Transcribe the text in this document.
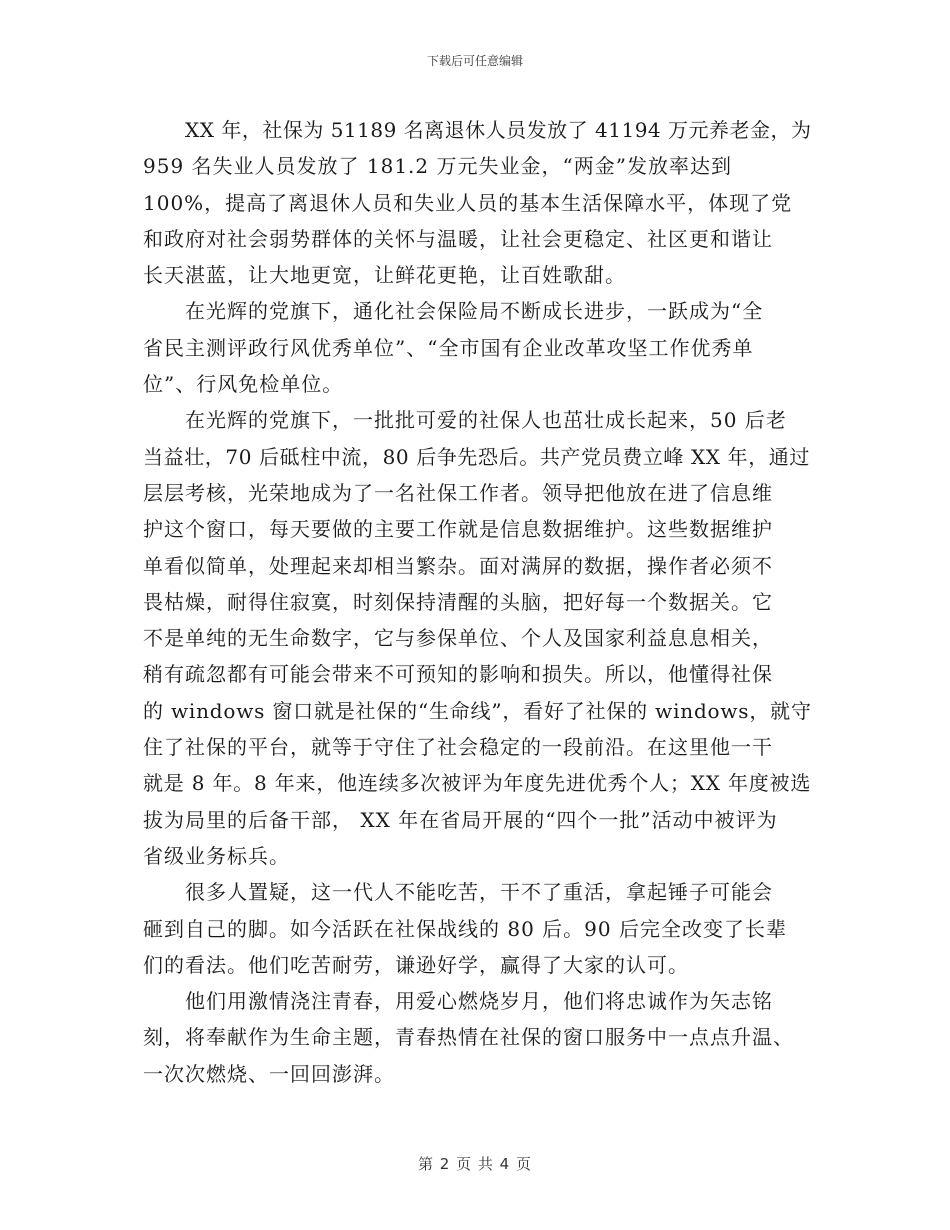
下载后可任意编辑
XX 年，社保为 51189 名离退休人员发放了 41194 万元养老金，为
959 名失业人员发放了 181.2 万元失业金，“两金”发放率达到
100%，提高了离退休人员和失业人员的基本生活保障水平，体现了党
和政府对社会弱势群体的关怀与温暖，让社会更稳定、社区更和谐让
长天湛蓝，让大地更宽，让鲜花更艳，让百姓歌甜。
在光辉的党旗下，通化社会保险局不断成长进步，一跃成为“全
省民主测评政行风优秀单位”、“全市国有企业改革攻坚工作优秀单
位”、行风免检单位。
在光辉的党旗下，一批批可爱的社保人也茁壮成长起来，50 后老
当益壮，70 后砥柱中流，80 后争先恐后。共产党员费立峰 XX 年，通过
层层考核，光荣地成为了一名社保工作者。领导把他放在进了信息维
护这个窗口，每天要做的主要工作就是信息数据维护。这些数据维护
单看似简单，处理起来却相当繁杂。面对满屏的数据，操作者必须不
畏枯燥，耐得住寂寞，时刻保持清醒的头脑，把好每一个数据关。它
不是单纯的无生命数字，它与参保单位、个人及国家利益息息相关，
稍有疏忽都有可能会带来不可预知的影响和损失。所以，他懂得社保
的 windows 窗口就是社保的“生命线”，看好了社保的 windows，就守
住了社保的平台，就等于守住了社会稳定的一段前沿。在这里他一干
就是 8 年。8 年来，他连续多次被评为年度先进优秀个人；XX 年度被选
拔为局里的后备干部， XX 年在省局开展的“四个一批”活动中被评为
省级业务标兵。
很多人置疑，这一代人不能吃苦，干不了重活，拿起锤子可能会
砸到自己的脚。如今活跃在社保战线的 80 后。90 后完全改变了长辈
们的看法。他们吃苦耐劳，谦逊好学，赢得了大家的认可。
他们用激情浇注青春，用爱心燃烧岁月，他们将忠诚作为矢志铭
刻，将奉献作为生命主题，青春热情在社保的窗口服务中一点点升温、
一次次燃烧、一回回澎湃。
第 2 页 共 4 页
